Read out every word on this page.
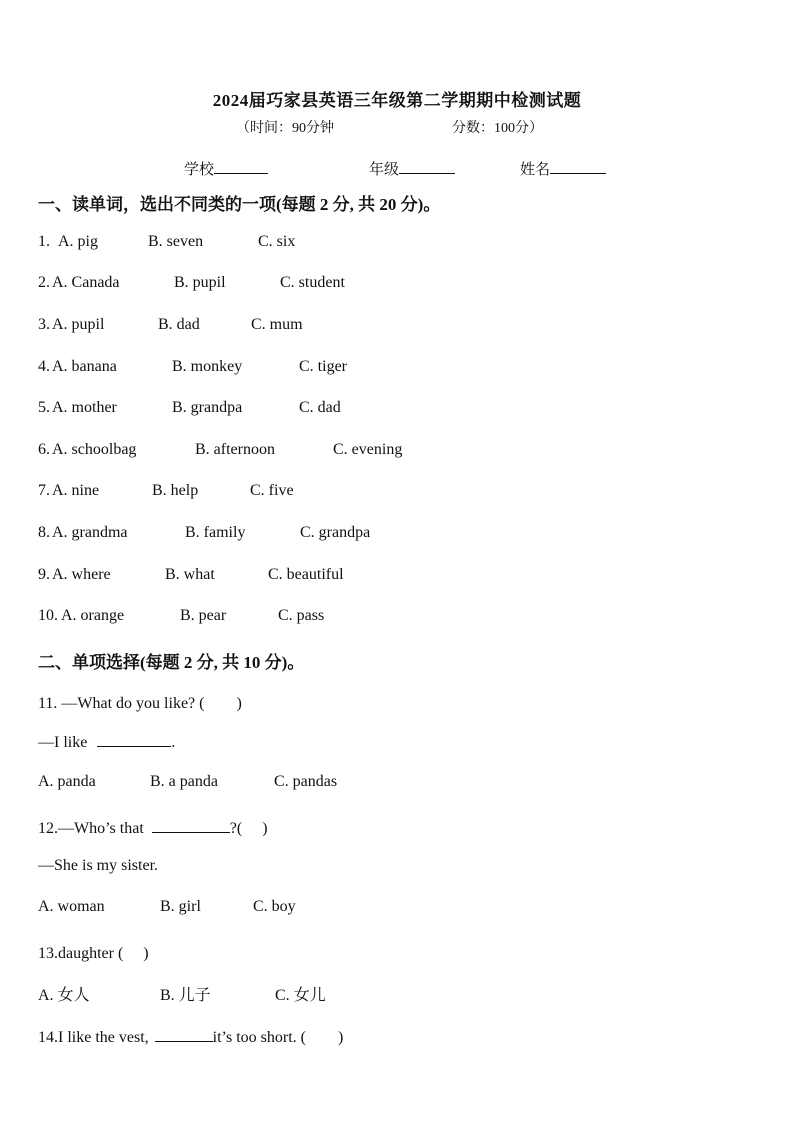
2024届巧家县英语三年级第二学期期中检测试题
（时间：90分钟	分数：100分）
学校	年级	姓名
一、读单词，选出不同类的一项(每题 2 分, 共 20 分)。
1. A. pig	B. seven	C. six
2. A. Canada	B. pupil	C. student
3. A. pupil	B. dad	C. mum
4. A. banana	B. monkey	C. tiger
5. A. mother	B. grandpa	C. dad
6. A. schoolbag	B. afternoon	C. evening
7. A. nine	B. help	C. five
8. A. grandma	B. family	C. grandpa
9. A. where	B. what	C. beautiful
10. A. orange	B. pear	C. pass
二、单项选择(每题 2 分, 共 10 分)。
11. —What do you like? (　　)
—I like	.
A. panda	B. a panda	C. pandas
12.—Who’s that	?(　 )
—She is my sister.
A. woman	B. girl	C. boy
13.daughter (　 )
A. 女人	B. 儿子	C. 女儿
14.I like the vest,	it’s too short. (　　)
